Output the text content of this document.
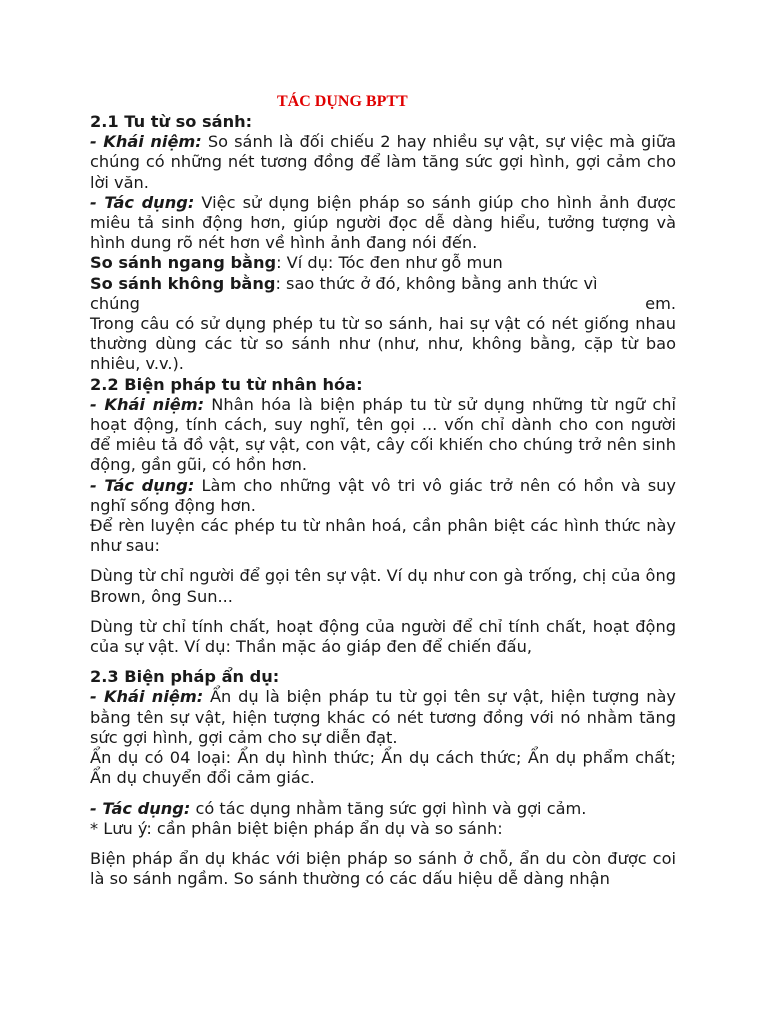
TÁC DỤNG BPTT

2.1 Tu từ so sánh:

- Khái niệm: So sánh là đối chiếu 2 hay nhiều sự vật, sự việc mà giữa chúng có những nét tương đồng để làm tăng sức gợi hình, gợi cảm cho lời văn.

- Tác dụng: Việc sử dụng biện pháp so sánh giúp cho hình ảnh được miêu tả sinh động hơn, giúp người đọc dễ dàng hiểu, tưởng tượng và hình dung rõ nét hơn về hình ảnh đang nói đến.

So sánh ngang bằng: Ví dụ: Tóc đen như gỗ mun

So sánh không bằng: sao thức ở đó, không bằng anh thức vì

chúng	em.

Trong câu có sử dụng phép tu từ so sánh, hai sự vật có nét giống nhau thường dùng các từ so sánh như (như, như, không bằng, cặp từ bao nhiêu, v.v.).

2.2 Biện pháp tu từ nhân hóa:

- Khái niệm: Nhân hóa là biện pháp tu từ sử dụng những từ ngữ chỉ hoạt động, tính cách, suy nghĩ, tên gọi ... vốn chỉ dành cho con người để miêu tả đồ vật, sự vật, con vật, cây cối khiến cho chúng trở nên sinh động, gần gũi, có hồn hơn.

- Tác dụng: Làm cho những vật vô tri vô giác trở nên có hồn và suy nghĩ sống động hơn.

Để rèn luyện các phép tu từ nhân hoá, cần phân biệt các hình thức này như sau:

Dùng từ chỉ người để gọi tên sự vật. Ví dụ như con gà trống, chị của ông Brown, ông Sun...

Dùng từ chỉ tính chất, hoạt động của người để chỉ tính chất, hoạt động của sự vật. Ví dụ: Thần mặc áo giáp đen để chiến đấu,

2.3 Biện pháp ẩn dụ:

- Khái niệm: Ẩn dụ là biện pháp tu từ gọi tên sự vật, hiện tượng này bằng tên sự vật, hiện tượng khác có nét tương đồng với nó nhằm tăng sức gợi hình, gợi cảm cho sự diễn đạt.

Ẩn dụ có 04 loại: Ẩn dụ hình thức; Ẩn dụ cách thức; Ẩn dụ phẩm chất; Ẩn dụ chuyển đổi cảm giác.

- Tác dụng: có tác dụng nhằm tăng sức gợi hình và gợi cảm.

* Lưu ý: cần phân biệt biện pháp ẩn dụ và so sánh:

Biện pháp ẩn dụ khác với biện pháp so sánh ở chỗ, ẩn du còn được coi là so sánh ngầm. So sánh thường có các dấu hiệu dễ dàng nhận
